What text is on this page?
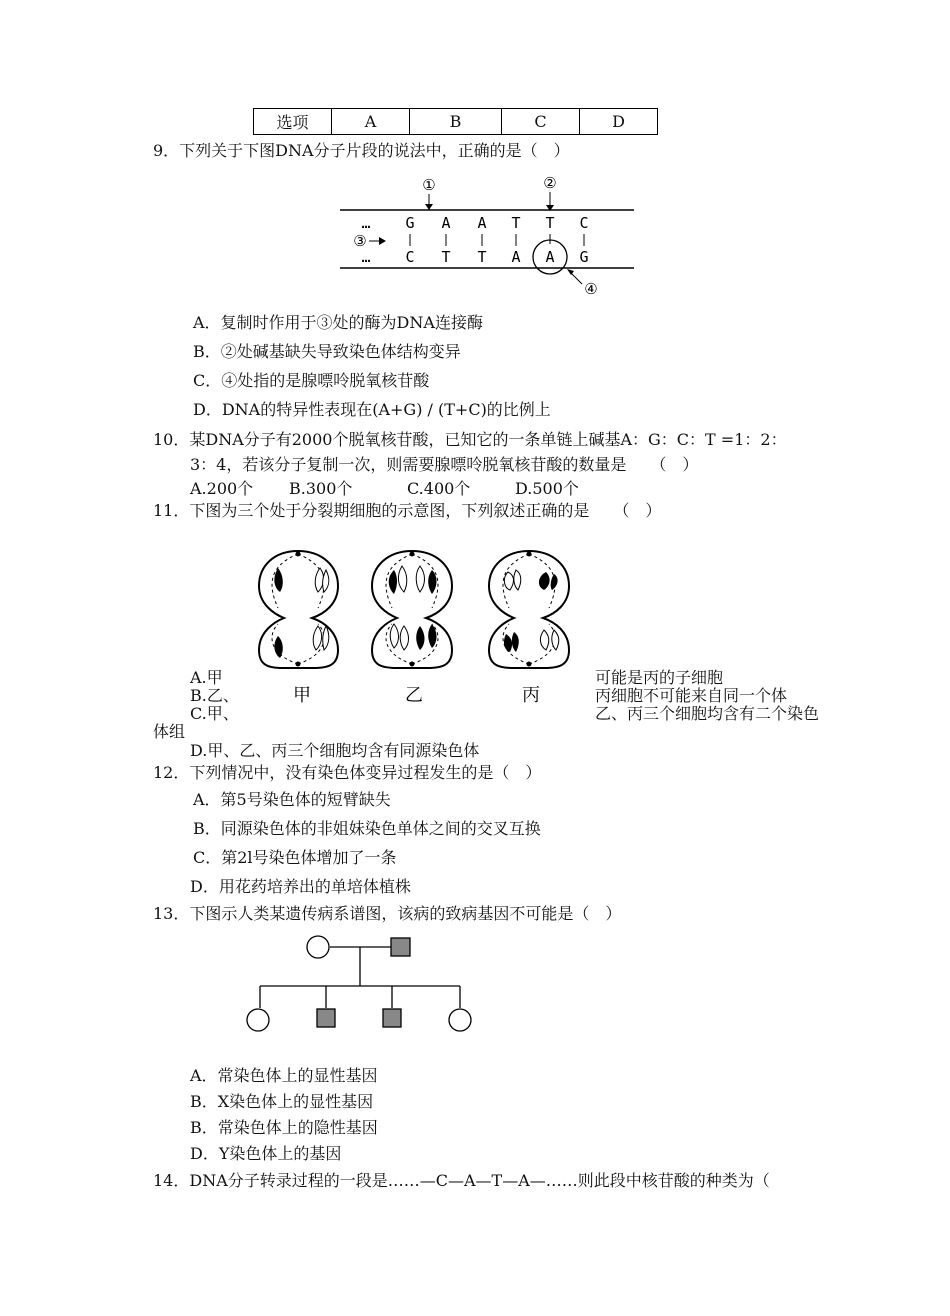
选项	A	B	C	D
9．下列关于下图DNA分子片段的说法中，正确的是（　）
… G A A T T C
… C T T A A G
①	②
③
④
A．复制时作用于③处的酶为DNA连接酶
B．②处碱基缺失导致染色体结构变异
C．④处指的是腺嘌呤脱氧核苷酸
D．DNA的特异性表现在(A+G) / (T+C)的比例上
10．某DNA分子有2000个脱氧核苷酸，已知它的一条单链上碱基A：G：C：T =1：2：
3：4，若该分子复制一次，则需要腺嘌呤脱氧核苷酸的数量是　　（　）
A.200个 B.300个	C.400个	D.500个
11．下图为三个处于分裂期细胞的示意图，下列叙述正确的是　　（　）
甲	乙	丙
A.甲	可能是丙的子细胞
B.乙、	丙细胞不可能来自同一个体
C.甲、	乙、丙三个细胞均含有二个染色
体组
D.甲、乙、丙三个细胞均含有同源染色体
12．下列情况中，没有染色体变异过程发生的是（　）
A．第5号染色体的短臂缺失
B．同源染色体的非姐妹染色单体之间的交叉互换
C．第2l号染色体增加了一条
D．用花药培养出的单培体植株
13．下图示人类某遗传病系谱图，该病的致病基因不可能是（　）
A．常染色体上的显性基因
B．X染色体上的显性基因
B．常染色体上的隐性基因
D．Y染色体上的基因
14．DNA分子转录过程的一段是……—C—A—T—A—……则此段中核苷酸的种类为（
